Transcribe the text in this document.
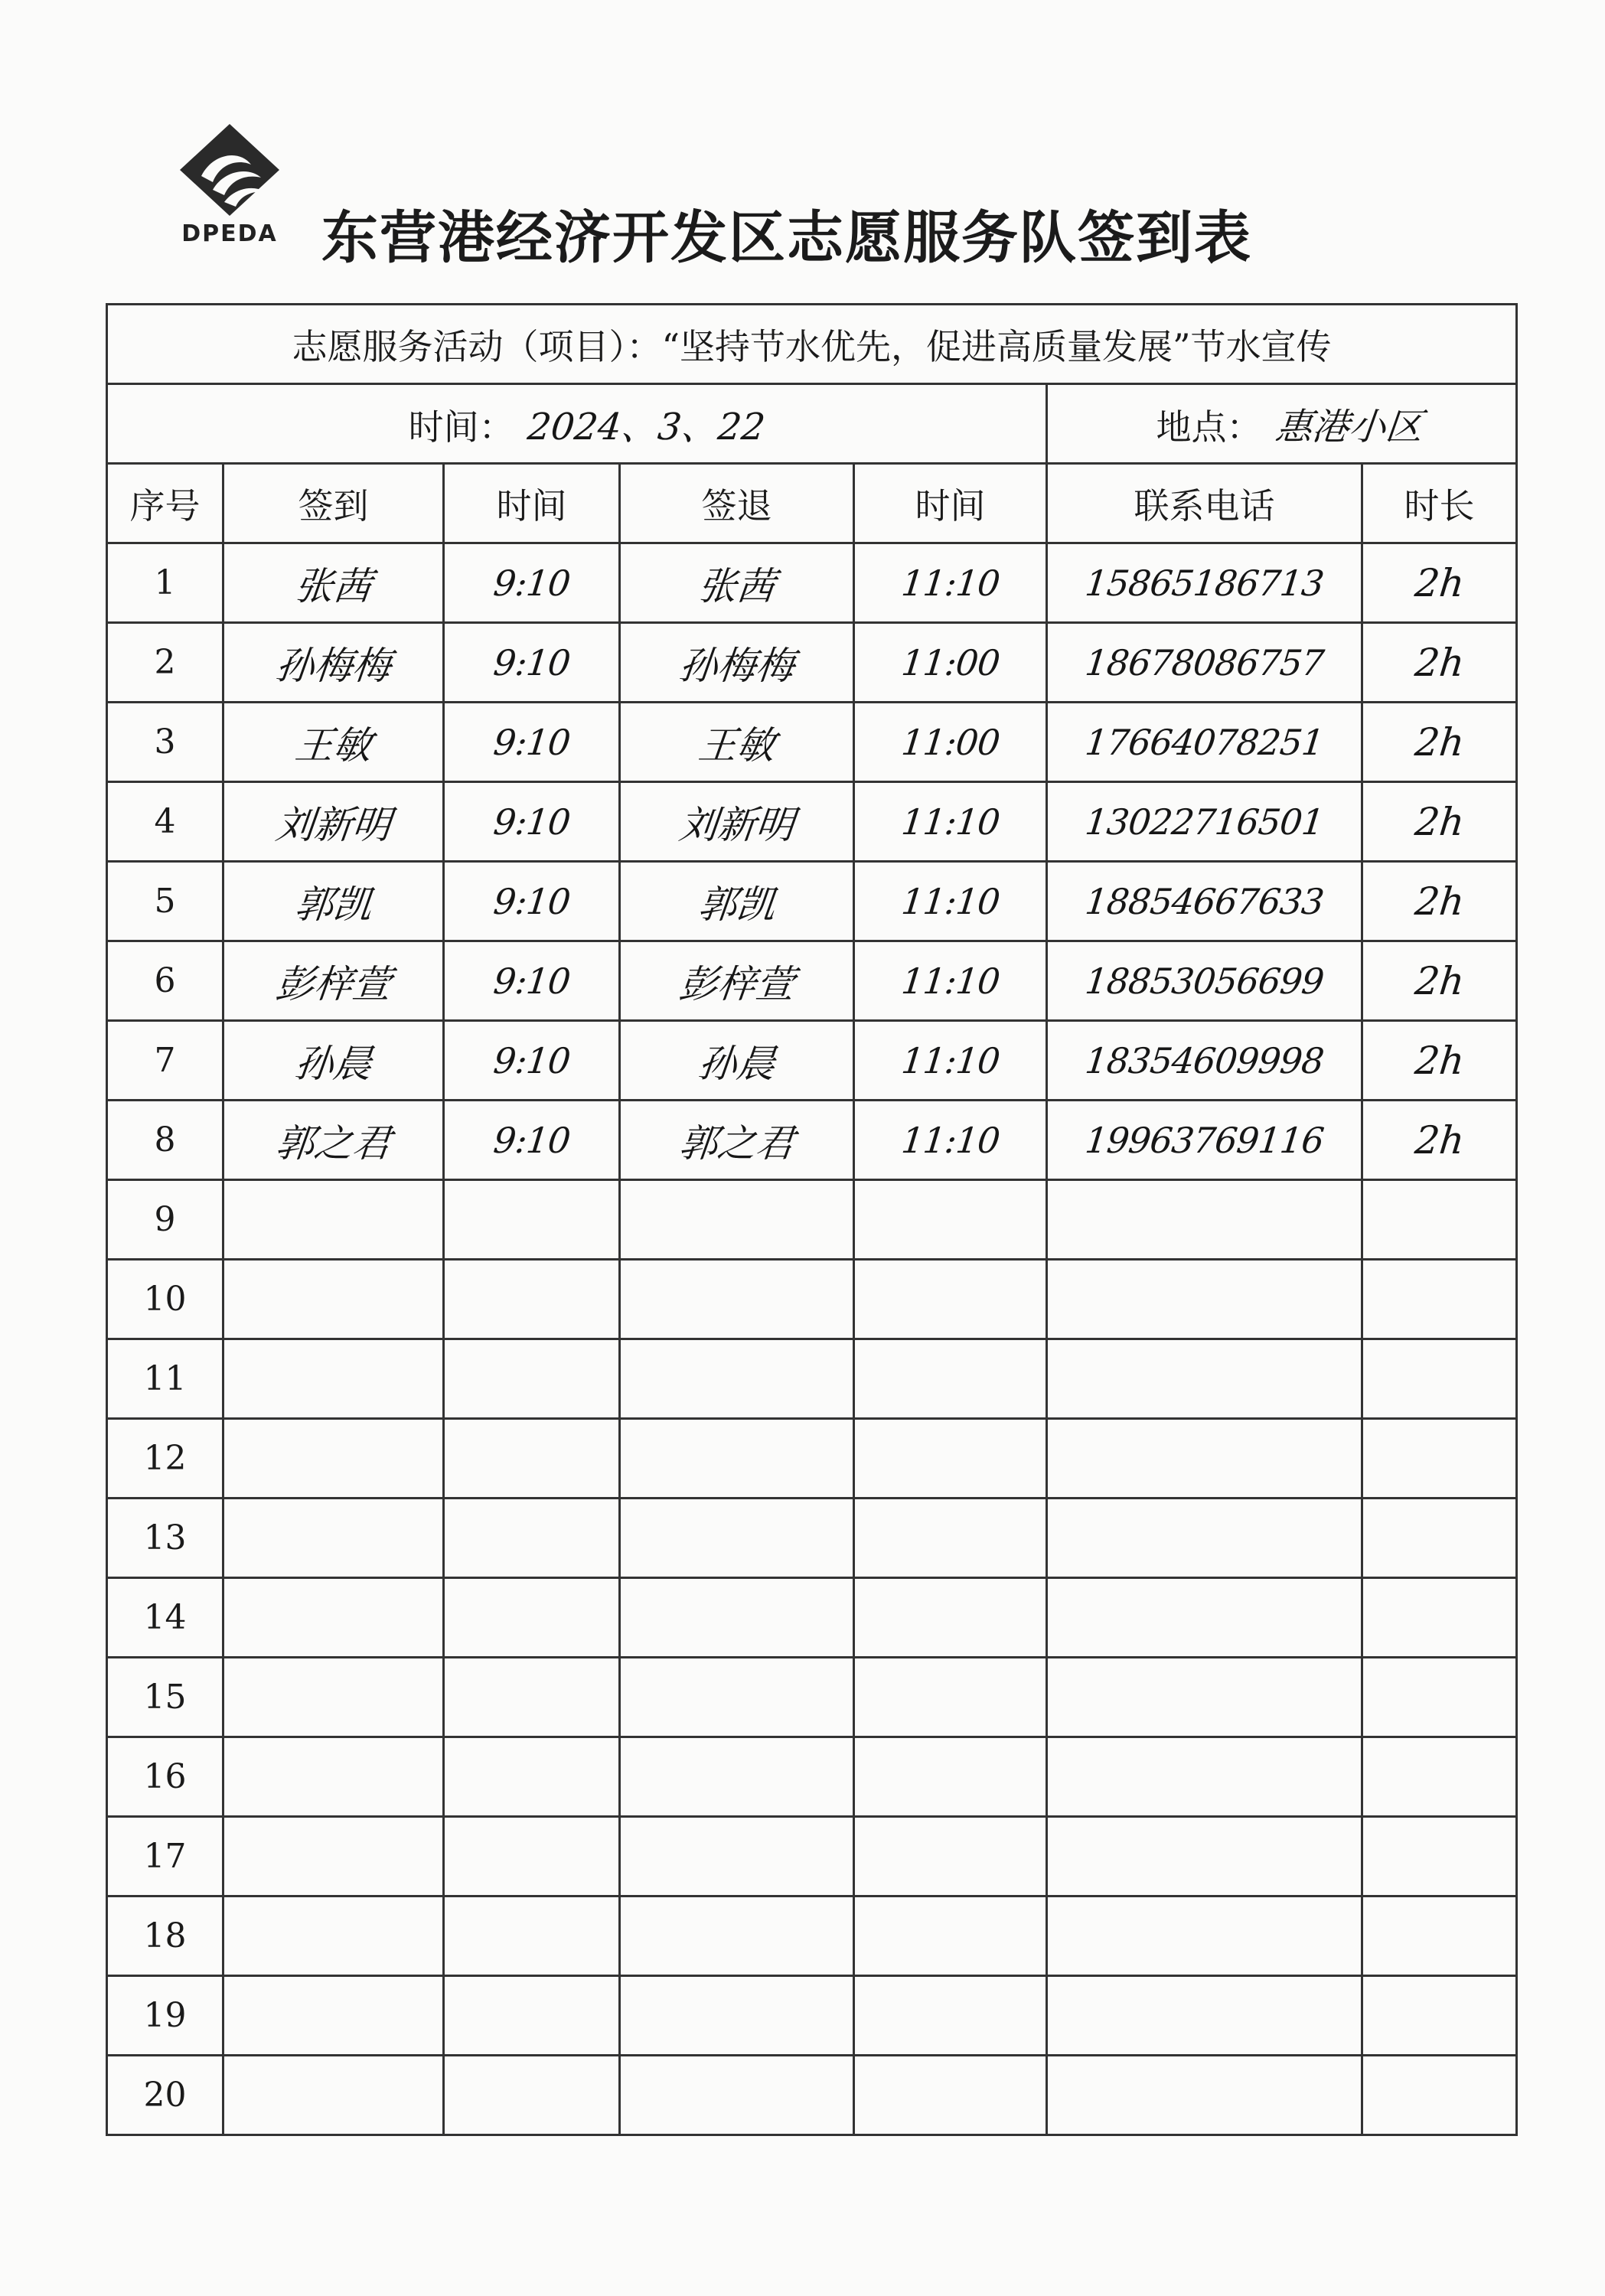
DPEDA 东营港经济开发区志愿服务队签到表
志愿服务活动（项目）：“坚持节水优先，促进高质量发展”节水宣传						
时间： 2024、3、22					地点： 惠港小区	
序号	签到	时间	签退	时间	联系电话	时长
1	张茜	9:10	张茜	11:10	15865186713	2h
2	孙梅梅	9:10	孙梅梅	11:00	18678086757	2h
3	王敏	9:10	王敏	11:00	17664078251	2h
4	刘新明	9:10	刘新明	11:10	13022716501	2h
5	郭凯	9:10	郭凯	11:10	18854667633	2h
6	彭梓萱	9:10	彭梓萱	11:10	18853056699	2h
7	孙晨	9:10	孙晨	11:10	18354609998	2h
8	郭之君	9:10	郭之君	11:10	19963769116	2h
9						
10						
11						
12						
13						
14						
15						
16						
17						
18						
19						
20						
